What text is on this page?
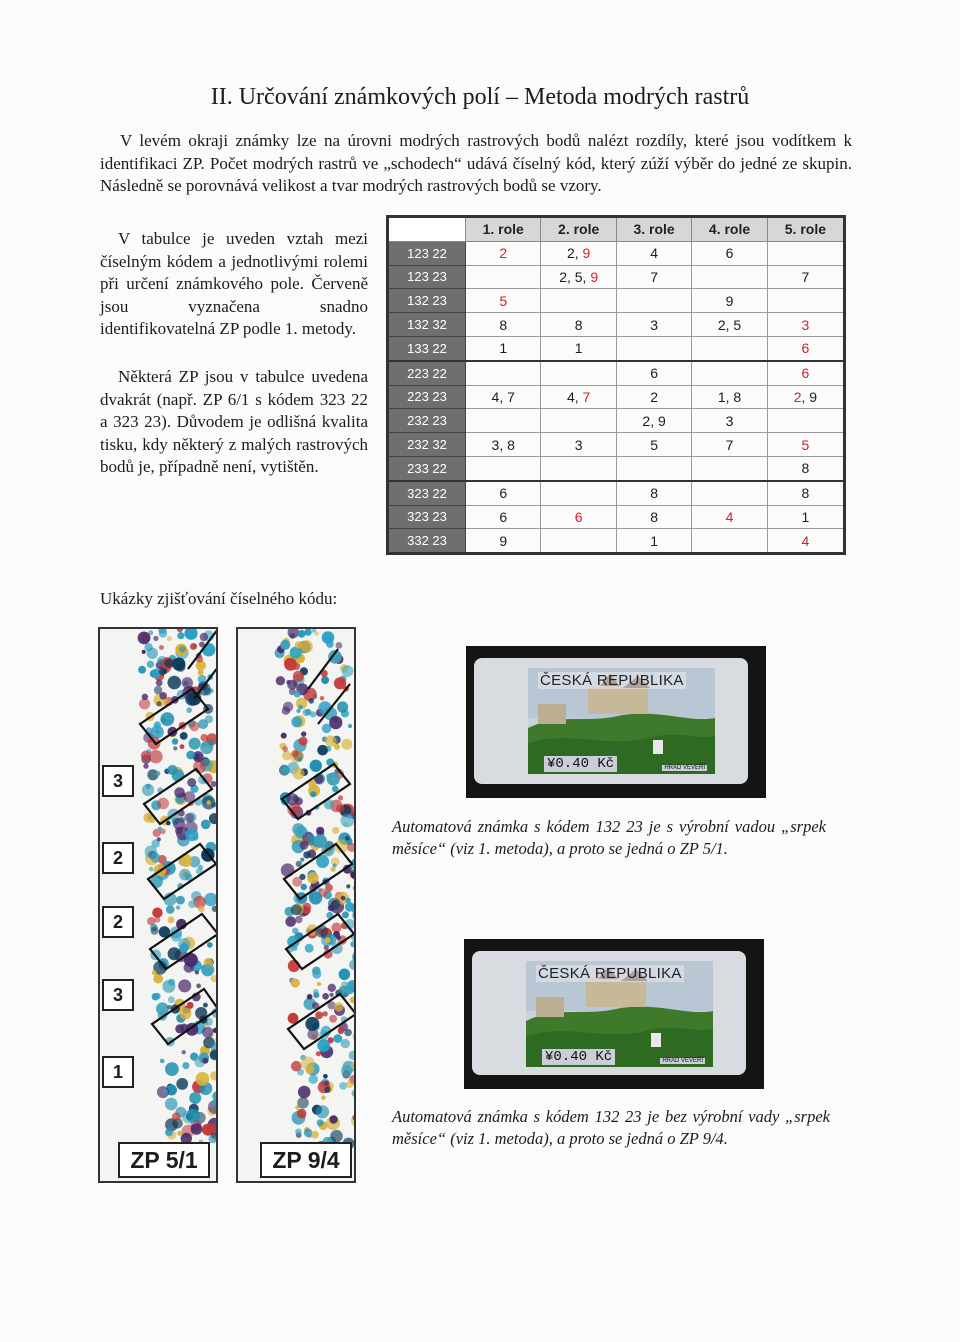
II. Určování známkových polí – Metoda modrých rastrů
V levém okraji známky lze na úrovni modrých rastrových bodů nalézt rozdíly, které jsou vodítkem k identifikaci ZP. Počet modrých rastrů ve „schodech“ udává číselný kód, který zúží výběr do jedné ze skupin. Následně se porovnává velikost a tvar modrých rastrových bodů se vzory.
V tabulce je uveden vztah mezi číselným kódem a jednotlivými rolemi při určení známkového pole. Červeně jsou vyznačena snadno identifikovatelná ZP podle 1. metody.
Některá ZP jsou v tabulce uvedena dvakrát (např. ZP 6/1 s kódem 323 22 a 323 23). Důvodem je odlišná kvalita tisku, kdy některý z malých rastrových bodů je, případně není, vytištěn.
	1. role	2. role	3. role	4. role	5. role
123 22	2	2, 9	4	6	
123 23		2, 5, 9	7		7
132 23	5			9	
132 32	8	8	3	2, 5	3
133 22	1	1			6
223 22			6		6
223 23	4, 7	4, 7	2	1, 8	2, 9
232 23			2, 9	3	
232 32	3, 8	3	5	7	5
233 22					8
323 22	6		8		8
323 23	6	6	8	4	1
332 23	9		1		4
Ukázky zjišťování číselného kódu:
ZP 5/1
3
2
2
3
1
ZP 9/4
ČESKÁ REPUBLIKA
¥0.40 Kč	HRAD VEVEŘÍ
Automatová známka s kódem 132 23 je s výrobní vadou „srpek měsíce“ (viz 1. metoda), a proto se jedná o ZP 5/1.
ČESKÁ REPUBLIKA
¥0.40 Kč	HRAD VEVEŘÍ
Automatová známka s kódem 132 23 je bez výrobní vady „srpek měsíce“ (viz 1. metoda), a proto se jedná o ZP 9/4.
